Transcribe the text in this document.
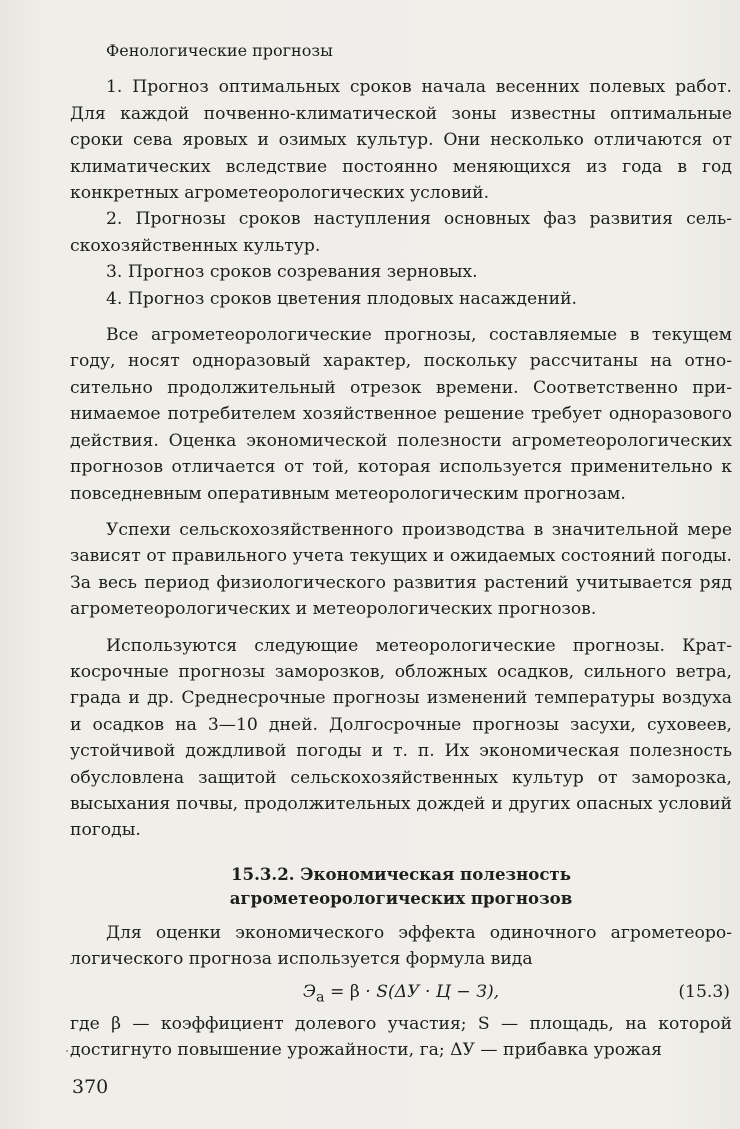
Фенологические прогнозы

1. Прогноз оптимальных сроков начала весенних полевых работ. Для каждой почвенно-климатической зоны известны оптимальные сроки сева яровых и озимых культур. Они несколько отличаются от климатических вследствие постоянно меняющихся из года в год конкретных агрометеорологических условий.

2. Прогнозы сроков наступления основных фаз развития сельскохозяйственных культур.

3. Прогноз сроков созревания зерновых.

4. Прогноз сроков цветения плодовых насаждений.

Все агрометеорологические прогнозы, составляемые в текущем году, носят одноразовый характер, поскольку рассчитаны на относительно продолжительный отрезок времени. Соответственно принимаемое потребителем хозяйственное решение требует одноразового действия. Оценка экономической полезности агрометеорологических прогнозов отличается от той, которая используется применительно к повседневным оперативным метеорологическим прогнозам.

Успехи сельскохозяйственного производства в значительной мере зависят от правильного учета текущих и ожидаемых состояний погоды. За весь период физиологического развития растений учитывается ряд агрометеорологических и метеорологических прогнозов.

Используются следующие метеорологические прогнозы. Краткосрочные прогнозы заморозков, обложных осадков, сильного ветра, града и др. Среднесрочные прогнозы изменений температуры воздуха и осадков на 3—10 дней. Долгосрочные прогнозы засухи, суховеев, устойчивой дождливой погоды и т. п. Их экономическая полезность обусловлена защитой сельскохозяйственных культур от заморозка, высыхания почвы, продолжительных дождей и других опасных условий погоды.

15.3.2. Экономическая полезность
агрометеорологических прогнозов

Для оценки экономического эффекта одиночного агрометеорологического прогноза используется формула вида

$Э_а = \beta \cdot S(\Delta У \cdot Ц - З)$,	(15.3)

где β — коэффициент долевого участия; S — площадь, на которой достигнуто повышение урожайности, га; ΔУ — прибавка урожая

370
